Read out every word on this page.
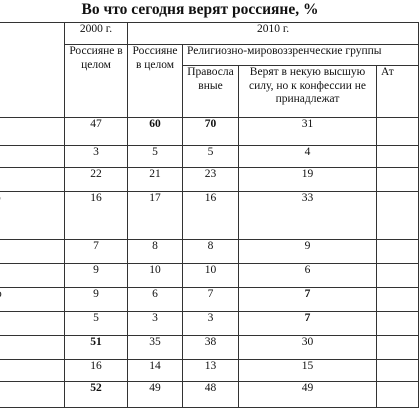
Во что сегодня верят россияне, %
	2000 г.	2010 г.			
	Россияне в целом	Россияне в целом	Религиозно-мировоззренческие группы		
			Правосла вные	Верят в некую высшую силу, но к конфессии не принадлежат	Ат
	47	60	70	31	
	3	5	5	4	
	22	21	23	19	
	16	17	16	33	
	7	8	8	9	
	9	10	10	6	
	9	6	7	7	
	5	3	3	7	
	51	35	38	30	
	16	14	13	15	
	52	49	48	49	
